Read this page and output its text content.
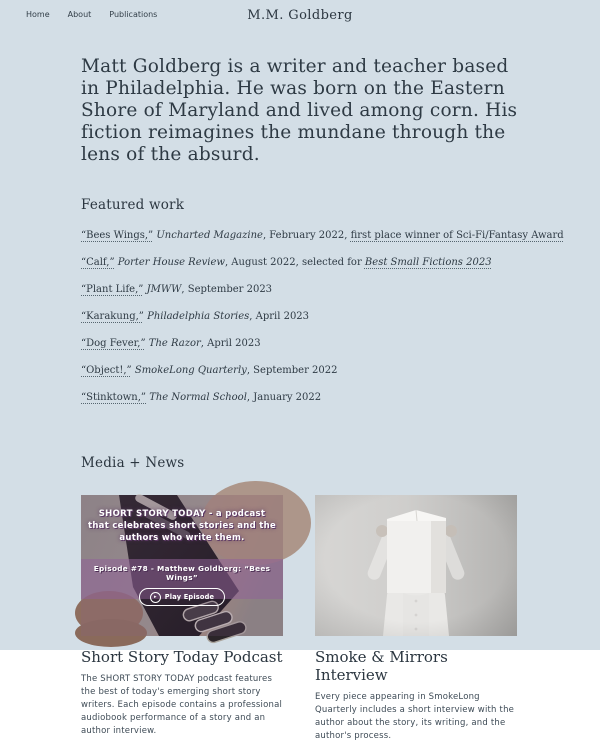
Home About Publications	M.M. Goldberg

Matt Goldberg is a writer and teacher based in Philadelphia. He was born on the Eastern Shore of Maryland and lived among corn. His fiction reimagines the mundane through the lens of the absurd.

Featured work

“Bees Wings,” Uncharted Magazine, February 2022, first place winner of Sci-Fi/Fantasy Award

“Calf,” Porter House Review, August 2022, selected for Best Small Fictions 2023

“Plant Life,” JMWW, September 2023

“Karakung,” Philadelphia Stories, April 2023

“Dog Fever,” The Razor, April 2023

“Object!,” SmokeLong Quarterly, September 2022

“Stinktown,” The Normal School, January 2022

Media + News
SHORT STORY TODAY - a podcast that celebrates short stories and the authors who write them.
Episode #78 - Matthew Goldberg: “Bees Wings”
▸	Play Episode
Short Story Today Podcast

The SHORT STORY TODAY podcast features the best of today's emerging short story writers. Each episode contains a professional audiobook performance of a story and an author interview.

Smoke & Mirrors Interview

Every piece appearing in SmokeLong Quarterly includes a short interview with the author about the story, its writing, and the author's process.
